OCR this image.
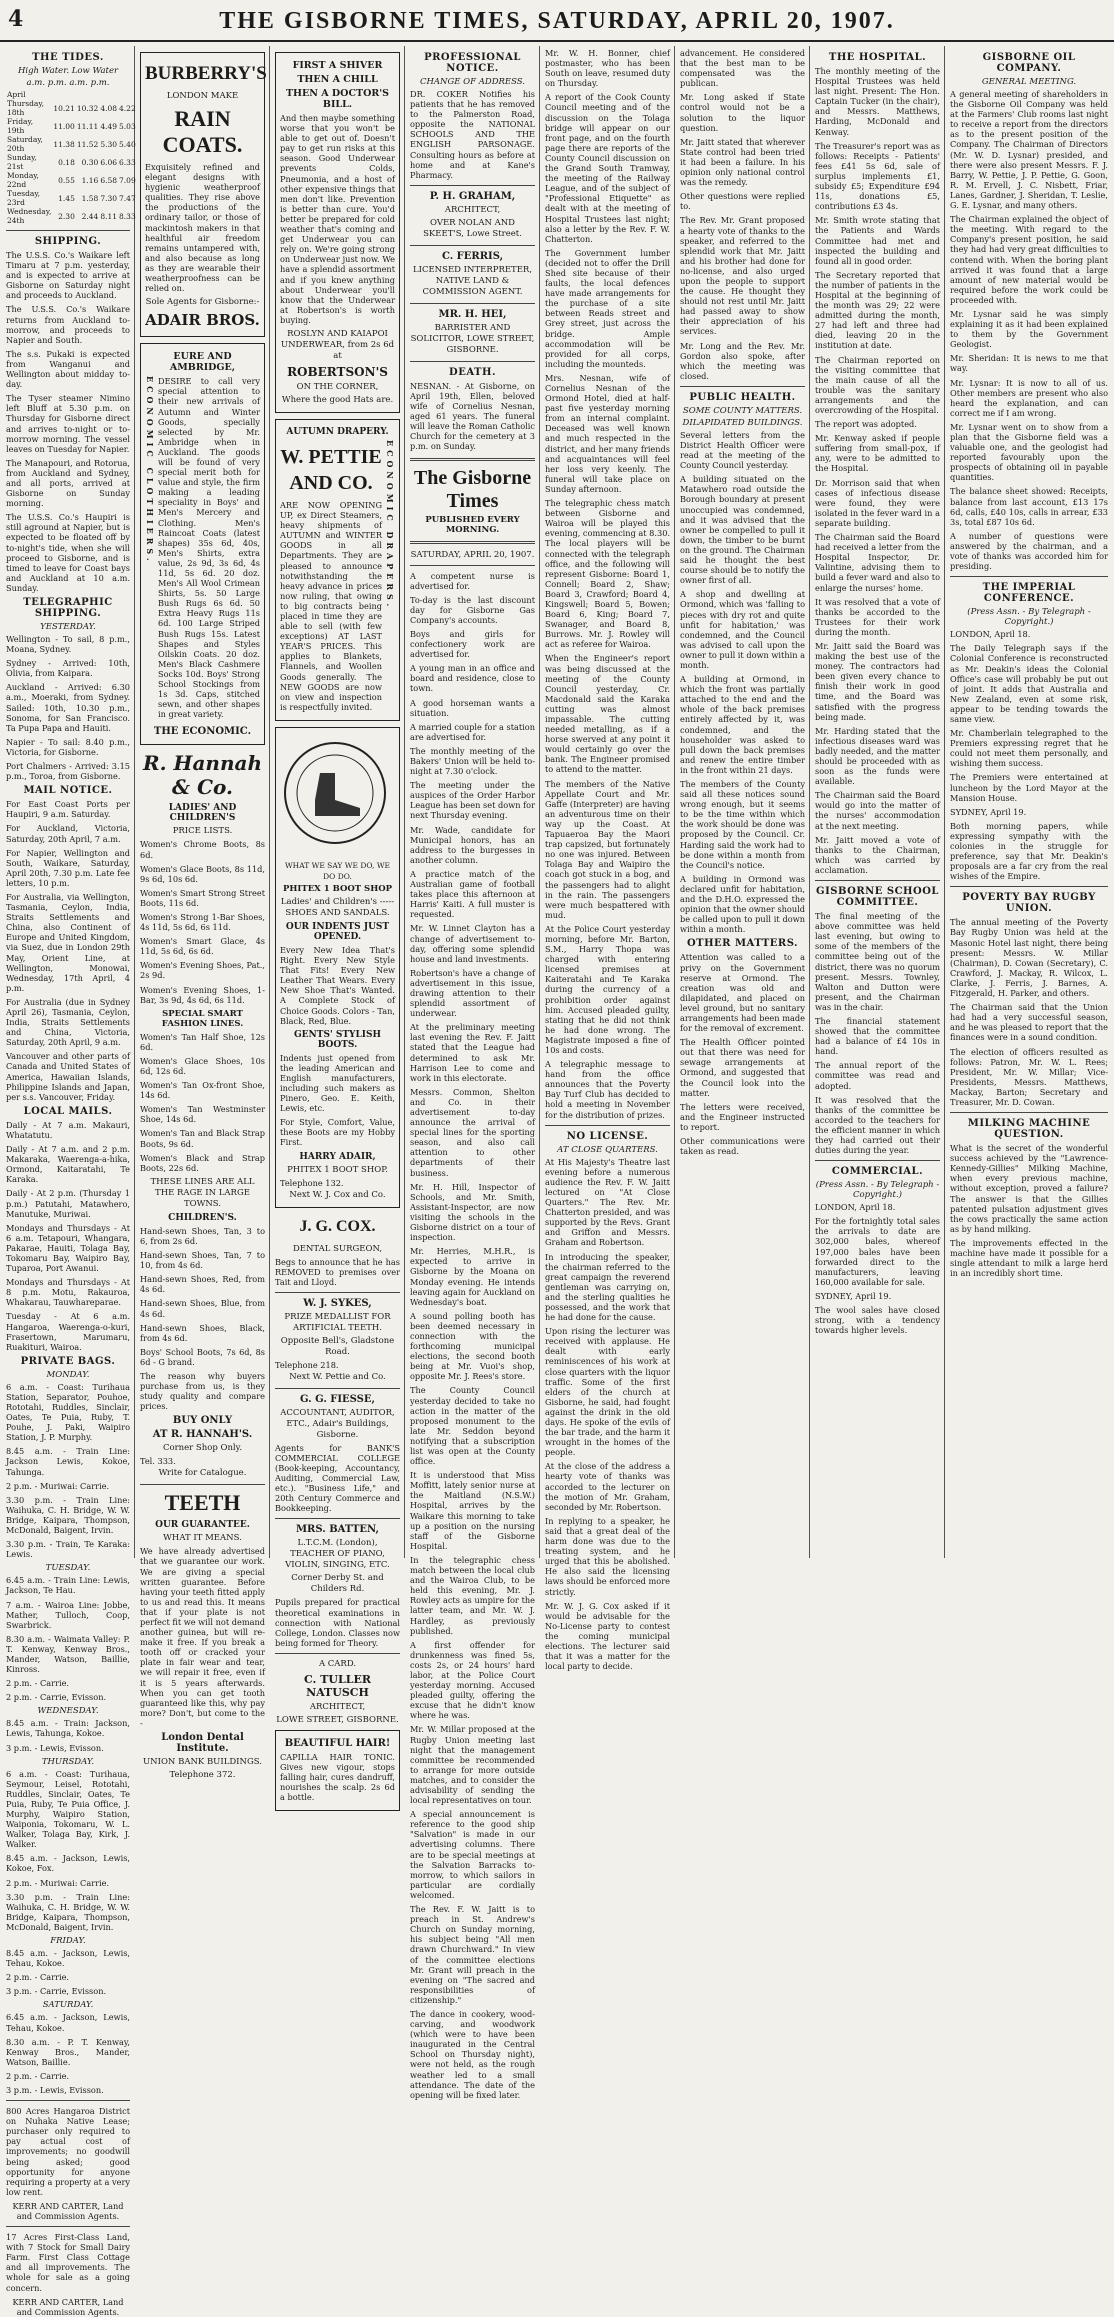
4	THE GISBORNE TIMES, SATURDAY, APRIL 20, 1907.
THE TIDES.
High Water. Low Water
a.m. p.m. a.m. p.m.
April				
Thursday, 18th	10.21	10.32	4.08	4.22
Friday, 19th	11.00	11.11	4.49	5.03
Saturday, 20th	11.38	11.52	5.30	5.40
Sunday, 21st	0.18	0.30	6.06	6.33
Monday, 22nd	0.55	1.16	6.58	7.09
Tuesday, 23rd	1.45	1.58	7.30	7.47
Wednesday, 24th	2.30	2.44	8.11	8.33
SHIPPING.

The U.S.S. Co.'s Waikare left Timaru at 7 p.m. yesterday, and is expected to arrive at Gisborne on Saturday night and proceeds to Auckland.

The U.S.S. Co.'s Waikare returns from Auckland to-morrow, and proceeds to Napier and South.

The s.s. Pukaki is expected from Wanganui and Wellington about midday to-day.

The Tyser steamer Nimino left Bluff at 5.30 p.m. on Thursday for Gisborne direct and arrives to-night or to-morrow morning. The vessel leaves on Tuesday for Napier.

The Manapouri, and Rotorua, from Auckland and Sydney, and all ports, arrived at Gisborne on Sunday morning.

The U.S.S. Co.'s Haupiri is still aground at Napier, but is expected to be floated off by to-night's tide, when she will proceed to Gisborne, and is timed to leave for Coast bays and Auckland at 10 a.m. Sunday.

TELEGRAPHIC SHIPPING.
YESTERDAY.

Wellington - To sail, 8 p.m., Moana, Sydney.

Sydney - Arrived: 10th, Olivia, from Kaipara.

Auckland - Arrived: 6.30 a.m., Moeraki, from Sydney. Sailed: 10th, 10.30 p.m., Sonoma, for San Francisco. Ta Pupa Papa and Hauiti.

Napier - To sail: 8.40 p.m., Victoria, for Gisborne.

Port Chalmers - Arrived: 3.15 p.m., Toroa, from Gisborne.

MAIL NOTICE.

For East Coast Ports per Haupiri, 9 a.m. Saturday.

For Auckland, Victoria, Saturday, 20th April, 7 a.m.

For Napier, Wellington and South, Waikare, Saturday, April 20th, 7.30 p.m. Late fee letters, 10 p.m.

For Australia, via Wellington, Tasmania, Ceylon, India, Straits Settlements and China, also Continent of Europe and United Kingdom, via Suez, due in London 29th May, Orient Line, at Wellington, Monowai, Wednesday, 17th April, 4 p.m.

For Australia (due in Sydney April 26), Tasmania, Ceylon, India, Straits Settlements and China, Victoria, Saturday, 20th April, 9 a.m.

Vancouver and other parts of Canada and United States of America, Hawaiian Islands, Philippine Islands and Japan, per s.s. Vancouver, Friday.

LOCAL MAILS.

Daily - At 7 a.m. Makauri, Whatatutu.

Daily - At 7 a.m. and 2 p.m. Makaraka, Waerenga-a-hika, Ormond, Kaitaratahi, Te Karaka.

Daily - At 2 p.m. (Thursday 1 p.m.) Patutahi, Matawhero, Manutuke, Muriwai.

Mondays and Thursdays - At 6 a.m. Tetapouri, Whangara, Pakarae, Hauiti, Tolaga Bay, Tokomaru Bay, Waipiro Bay, Tuparoa, Port Awanui.

Mondays and Thursdays - At 8 p.m. Motu, Rakauroa, Whakarau, Tauwhareparae.

Tuesday - At 6 a.m. Hangaroa, Waerenga-o-kuri, Frasertown, Marumaru, Ruakituri, Wairoa.

PRIVATE BAGS.
MONDAY.

6 a.m. - Coast: Turihaua Station, Separator, Pouhoe, Rototahi, Ruddles, Sinclair, Oates, Te Puia, Ruby, T. Pouhe, J. Paki, Waipiro Station, J. P. Murphy.

8.45 a.m. - Train Line: Jackson Lewis, Kokoe, Tahunga.

2 p.m. - Muriwai: Carrie.

3.30 p.m. - Train Line: Waihuka, C. H. Bridge, W. W. Bridge, Kaipara, Thompson, McDonald, Baigent, Irvin.

3.30 p.m. - Train, Te Karaka: Lewis.

TUESDAY.

6.45 a.m. - Train Line: Lewis, Jackson, Te Hau.

7 a.m. - Wairoa Line: Jobbe, Mather, Tulloch, Coop, Swarbrick.

8.30 a.m. - Waimata Valley: P. T. Kenway, Kenway Bros., Mander, Watson, Baillie, Kinross.

2 p.m. - Carrie.

2 p.m. - Carrie, Evisson.

WEDNESDAY.

8.45 a.m. - Train: Jackson, Lewis, Tahunga, Kokoe.

3 p.m. - Lewis, Evisson.

THURSDAY.

6 a.m. - Coast: Turihaua, Seymour, Leisel, Rototahi, Ruddles, Sinclair, Oates, Te Puia, Ruby, Te Puia Office, J. Murphy, Waipiro Station, Waiponia, Tokomaru, W. L. Walker, Tolaga Bay, Kirk, J. Walker.

8.45 a.m. - Jackson, Lewis, Kokoe, Fox.

2 p.m. - Muriwai: Carrie.

3.30 p.m. - Train Line: Waihuka, C. H. Bridge, W. W. Bridge, Kaipara, Thompson, McDonald, Baigent, Irvin.

FRIDAY.

8.45 a.m. - Jackson, Lewis, Tehau, Kokoe.

2 p.m. - Carrie.

3 p.m. - Carrie, Evisson.

SATURDAY.

6.45 a.m. - Jackson, Lewis, Tehau, Kokoe.

8.30 a.m. - P. T. Kenway, Kenway Bros., Mander, Watson, Baillie.

2 p.m. - Carrie.

3 p.m. - Lewis, Evisson.

800 Acres Hangaroa District on Nuhaka Native Lease; purchaser only required to pay actual cost of improvements; no goodwill being asked; good opportunity for anyone requiring a property at a very low rent.

KERR AND CARTER, Land and Commission Agents.

17 Acres First-Class Land, with 7 Stock for Small Dairy Farm. First Class Cottage and all improvements. The whole for sale as a going concern.

KERR AND CARTER, Land and Commission Agents.

BURBERRY'S
LONDON MAKE
RAIN COATS.

Exquisitely refined and elegant designs with hygienic weatherproof qualities. They rise above the productions of the ordinary tailor, or those of mackintosh makers in that healthful air freedom remains untampered with, and also because as long as they are wearable their weatherproofness can be relied on.

Sole Agents for Gisborne:-
ADAIR BROS.
EURE AND AMBRIDGE,
ECONOMIC CLOTHIERS. DESIRE to call very special attention to their new arrivals of Autumn and Winter Goods, specially selected by Mr. Ambridge when in Auckland. The goods will be found of very special merit both for value and style, the firm making a leading speciality in Boys' and Men's Mercery and Clothing. Men's Raincoat Coats (latest shapes) 35s 6d, 40s, Men's Shirts, extra value, 2s 9d, 3s 6d, 4s 11d, 5s 6d. 20 doz. Men's All Wool Crimean Shirts, 5s. 50 Large Bush Rugs 6s 6d. 50 Extra Heavy Rugs 11s 6d. 100 Large Striped Bush Rugs 15s. Latest Shapes and Styles Oilskin Coats. 20 doz. Men's Black Cashmere Socks 10d. Boys' Strong School Stockings from 1s 3d. Caps, stitched sewn, and other shapes in great variety.

THE ECONOMIC.
R. Hannah & Co.
LADIES' AND CHILDREN'S
PRICE LISTS.

Women's Chrome Boots, 8s 6d.

Women's Glace Boots, 8s 11d, 9s 6d, 10s 6d.

Women's Smart Strong Street Boots, 11s 6d.

Women's Strong 1-Bar Shoes, 4s 11d, 5s 6d, 6s 11d.

Women's Smart Glace, 4s 11d, 5s 6d, 6s 6d.

Women's Evening Shoes, Pat., 2s 9d.

Women's Evening Shoes, 1-Bar, 3s 9d, 4s 6d, 6s 11d.

SPECIAL SMART FASHION LINES.

Women's Tan Half Shoe, 12s 6d.

Women's Glace Shoes, 10s 6d, 12s 6d.

Women's Tan Ox-front Shoe, 14s 6d.

Women's Tan Westminster Shoe, 14s 6d.

Women's Tan and Black Strap Boots, 9s 6d.

Women's Black and Strap Boots, 22s 6d.

THESE LINES ARE ALL THE RAGE IN LARGE TOWNS.
CHILDREN'S.

Hand-sewn Shoes, Tan, 3 to 6, from 2s 6d.

Hand-sewn Shoes, Tan, 7 to 10, from 4s 6d.

Hand-sewn Shoes, Red, from 4s 6d.

Hand-sewn Shoes, Blue, from 4s 6d.

Hand-sewn Shoes, Black, from 4s 6d.

Boys' School Boots, 7s 6d, 8s 6d - G brand.

The reason why buyers purchase from us, is they study quality and compare prices.

BUY ONLY
AT R. HANNAH'S.
Corner Shop Only.
Tel. 333.
Write for Catalogue.
TEETH
OUR GUARANTEE.
WHAT IT MEANS.

We have already advertised that we guarantee our work. We are giving a special written guarantee. Before having your teeth fitted apply to us and read this. It means that if your plate is not perfect fit we will not demand another guinea, but will re-make it free. If you break a tooth off or cracked your plate in fair wear and tear, we will repair it free, even if it is 5 years afterwards. When you can get tooth guaranteed like this, why pay more? Don't, but come to the -

London Dental Institute.
UNION BANK BUILDINGS.
Telephone 372.
FIRST A SHIVER
THEN A CHILL
THEN A DOCTOR'S BILL.

And then maybe something worse that you won't be able to get out of. Doesn't pay to get run risks at this season. Good Underwear prevents Colds, Pneumonia, and a host of other expensive things that men don't like. Prevention is better than cure. You'd better be prepared for cold weather that's coming and get Underwear you can rely on. We're going strong on Underwear just now. We have a splendid assortment and if you knew anything about Underwear you'll know that the Underwear at Robertson's is worth buying.

ROSLYN AND KAIAPOI UNDERWEAR, from 2s 6d at
ROBERTSON'S
ON THE CORNER,
Where the good Hats are.
AUTUMN DRAPERY.
W. PETTIE AND CO.

ARE NOW OPENING UP, ex Direct Steamers, heavy shipments of AUTUMN and WINTER GOODS in all Departments. They are pleased to announce notwithstanding the heavy advance in prices now ruling, that owing to big contracts being placed in time they are able to sell (with few exceptions) AT LAST YEAR'S PRICES. This applies to Blankets, Flannels, and Woollen Goods generally. The NEW GOODS are now on view and inspection is respectfully invited.

ECONOMIC DRAPERS.
WHAT WE SAY WE DO, WE DO DO.
PHITEX 1 BOOT SHOP
Ladies' and Children's ----- SHOES AND SANDALS.
OUR INDENTS JUST OPENED.

Every New Idea That's Right. Every New Style That Fits! Every New Leather That Wears. Every New Shoe That's Wanted. A Complete Stock of Choice Goods. Colors - Tan, Black, Red, Blue.

GENTS' STYLISH BOOTS.

Indents just opened from the leading American and English manufacturers, including such makers as Pinero, Geo. E. Keith, Lewis, etc.

For Style, Comfort, Value, these Boots are my Hobby First.

HARRY ADAIR,
PHITEX 1 BOOT SHOP.
Telephone 132.
Next W. J. Cox and Co.
J. G. COX.
DENTAL SURGEON,

Begs to announce that he has REMOVED to premises over Tait and Lloyd.

W. J. SYKES,
PRIZE MEDALLIST FOR ARTIFICIAL TEETH.
Opposite Bell's, Gladstone Road.
Telephone 218.
Next W. Pettie and Co.
G. G. FIESSE,
ACCOUNTANT, AUDITOR, ETC., Adair's Buildings, Gisborne.

Agents for BANK'S COMMERCIAL COLLEGE (Book-keeping, Accountancy, Auditing, Commercial Law, etc.). "Business Life," and 20th Century Commerce and Bookkeeping.

MRS. BATTEN,
L.T.C.M. (London), TEACHER OF PIANO, VIOLIN, SINGING, ETC.
Corner Derby St. and Childers Rd.

Pupils prepared for practical theoretical examinations in connection with National College, London. Classes now being formed for Theory.

A CARD.
C. TULLER NATUSCH
ARCHITECT,
LOWE STREET, GISBORNE.
BEAUTIFUL HAIR!

CAPILLA HAIR TONIC. Gives new vigour, stops falling hair, cures dandruff, nourishes the scalp. 2s 6d a bottle.

PROFESSIONAL NOTICE.
CHANGE OF ADDRESS.

DR. COKER Notifies his patients that he has removed to the Palmerston Road, opposite the NATIONAL SCHOOLS AND THE ENGLISH PARSONAGE. Consulting hours as before at home and at Kane's Pharmacy.

P. H. GRAHAM,
ARCHITECT,
OVER NOLAN AND SKEET'S, Lowe Street.
C. FERRIS,
LICENSED INTERPRETER, NATIVE LAND & COMMISSION AGENT.
MR. H. HEI,
BARRISTER AND SOLICITOR, LOWE STREET, GISBORNE.
DEATH.

NESNAN. - At Gisborne, on April 19th, Ellen, beloved wife of Cornelius Nesnan, aged 61 years. The funeral will leave the Roman Catholic Church for the cemetery at 3 p.m. on Sunday.

The Gisborne Times
PUBLISHED EVERY MORNING.
SATURDAY, APRIL 20, 1907.

A competent nurse is advertised for.

To-day is the last discount day for Gisborne Gas Company's accounts.

Boys and girls for confectionery work are advertised for.

A young man in an office and board and residence, close to town.

A good horseman wants a situation.

A married couple for a station are advertised for.

The monthly meeting of the Bakers' Union will be held to-night at 7.30 o'clock.

The meeting under the auspices of the Order Harbor League has been set down for next Thursday evening.

Mr. Wade, candidate for Municipal honors, has an address to the burgesses in another column.

A practice match of the Australian game of football takes place this afternoon at Harris' Kaiti. A full muster is requested.

Mr. W. Linnet Clayton has a change of advertisement to-day, offering some splendid house and land investments.

Robertson's have a change of advertisement in this issue, drawing attention to their splendid assortment of underwear.

At the preliminary meeting last evening the Rev. F. Jaitt stated that the League had determined to ask Mr. Harrison Lee to come and work in this electorate.

Messrs. Common, Shelton and Co. in their advertisement to-day announce the arrival of special lines for the sporting season, and also call attention to other departments of their business.

Mr. H. Hill, Inspector of Schools, and Mr. Smith, Assistant-Inspector, are now visiting the schools in the Gisborne district on a tour of inspection.

Mr. Herries, M.H.R., is expected to arrive in Gisborne by the Moana on Monday evening. He intends leaving again for Auckland on Wednesday's boat.

A sound polling booth has been deemed necessary in connection with the forthcoming municipal elections, the second booth being at Mr. Vuoi's shop, opposite Mr. J. Rees's store.

The County Council yesterday decided to take no action in the matter of the proposed monument to the late Mr. Seddon beyond notifying that a subscription list was open at the County office.

It is understood that Miss Moffitt, lately senior nurse at the Maitland (N.S.W.) Hospital, arrives by the Waikare this morning to take up a position on the nursing staff of the Gisborne Hospital.

In the telegraphic chess match between the local club and the Wairoa Club, to be held this evening, Mr. J. Rowley acts as umpire for the latter team, and Mr. W. J. Hardley, as previously published.

A first offender for drunkenness was fined 5s, costs 2s, or 24 hours' hard labor, at the Police Court yesterday morning. Accused pleaded guilty, offering the excuse that he didn't know where he was.

Mr. W. Millar proposed at the Rugby Union meeting last night that the management committee be recommended to arrange for more outside matches, and to consider the advisability of sending the local representatives on tour.

A special announcement is reference to the good ship "Salvation" is made in our advertising columns. There are to be special meetings at the Salvation Barracks to-morrow, to which sailors in particular are cordially welcomed.

The Rev. F. W. Jaitt is to preach in St. Andrew's Church on Sunday morning, his subject being "All men drawn Churchward." In view of the committee elections Mr. Grant will preach in the evening on "The sacred and responsibilities of citizenship."

The dance in cookery, wood-carving, and woodwork (which were to have been inaugurated in the Central School on Thursday night), were not held, as the rough weather led to a small attendance. The date of the opening will be fixed later.

Mr. W. H. Bonner, chief postmaster, who has been South on leave, resumed duty on Thursday.

A report of the Cook County Council meeting and of the discussion on the Tolaga bridge will appear on our front page, and on the fourth page there are reports of the County Council discussion on the Grand South Tramway, the meeting of the Railway League, and of the subject of "Professional Etiquette" as dealt with at the meeting of Hospital Trustees last night; also a letter by the Rev. F. W. Chatterton.

The Government lumber (decided not to offer the Drill Shed site because of their faults, the local defences have made arrangements for the purchase of a site between Reads street and Grey street, just across the bridge. Ample accommodation will be provided for all corps, including the mounteds.

Mrs. Nesnan, wife of Cornelius Nesnan of the Ormond Hotel, died at half-past five yesterday morning from an internal complaint. Deceased was well known and much respected in the district, and her many friends and acquaintances will feel her loss very keenly. The funeral will take place on Sunday afternoon.

The telegraphic chess match between Gisborne and Wairoa will be played this evening, commencing at 8.30. The local players will be connected with the telegraph office, and the following will represent Gisborne: Board 1, Connell; Board 2, Shaw; Board 3, Crawford; Board 4, Kingswell; Board 5, Bowen; Board 6, King; Board 7, Swanager, and Board 8, Burrows. Mr. J. Rowley will act as referee for Wairoa.

When the Engineer's report was being discussed at the meeting of the County Council yesterday, Cr. Macdonald said the Karaka cutting was almost impassable. The cutting needed metalling, as if a horse swerved at any point it would certainly go over the bank. The Engineer promised to attend to the matter.

The members of the Native Appellate Court and Mr. Gaffe (Interpreter) are having an adventurous time on their way up the Coast. At Tapuaeroa Bay the Maori trap capsized, but fortunately no one was injured. Between Tolaga Bay and Waipiro the coach got stuck in a bog, and the passengers had to alight in the rain. The passengers were much bespattered with mud.

At the Police Court yesterday morning, before Mr. Barton, S.M., Harry Thopa was charged with entering licensed premises at Kaiteratahi and Te Karaka during the currency of a prohibition order against him. Accused pleaded guilty, stating that he did not think he had done wrong. The Magistrate imposed a fine of 10s and costs.

A telegraphic message to hand from the office announces that the Poverty Bay Turf Club has decided to hold a meeting in November for the distribution of prizes.

NO LICENSE.
AT CLOSE QUARTERS.

At His Majesty's Theatre last evening before a numerous audience the Rev. F. W. Jaitt lectured on "At Close Quarters." The Rev. Mr. Chatterton presided, and was supported by the Revs. Grant and Griffon and Messrs. Graham and Robertson.

In introducing the speaker, the chairman referred to the great campaign the reverend gentleman was carrying on, and the sterling qualities he possessed, and the work that he had done for the cause.

Upon rising the lecturer was received with applause. He dealt with early reminiscences of his work at close quarters with the liquor traffic. Some of the first elders of the church at Gisborne, he said, had fought against the drink in the old days. He spoke of the evils of the bar trade, and the harm it wrought in the homes of the people.

At the close of the address a hearty vote of thanks was accorded to the lecturer on the motion of Mr. Graham, seconded by Mr. Robertson.

In replying to a speaker, he said that a great deal of the harm done was due to the treating system, and he urged that this be abolished. He also said the licensing laws should be enforced more strictly.

Mr. W. J. G. Cox asked if it would be advisable for the No-License party to contest the coming municipal elections. The lecturer said that it was a matter for the local party to decide.

advancement. He considered that the best man to be compensated was the publican.

Mr. Long asked if State control would not be a solution to the liquor question.

Mr. Jaitt stated that wherever State control had been tried it had been a failure. In his opinion only national control was the remedy.

Other questions were replied to.

The Rev. Mr. Grant proposed a hearty vote of thanks to the speaker, and referred to the splendid work that Mr. Jaitt and his brother had done for no-license, and also urged upon the people to support the cause. He thought they should not rest until Mr. Jaitt had passed away to show their appreciation of his services.

Mr. Long and the Rev. Mr. Gordon also spoke, after which the meeting was closed.

PUBLIC HEALTH.
SOME COUNTY MATTERS.
DILAPIDATED BUILDINGS.

Several letters from the District Health Officer were read at the meeting of the County Council yesterday.

A building situated on the Matawhero road outside the Borough boundary at present unoccupied was condemned, and it was advised that the owner be compelled to pull it down, the timber to be burnt on the ground. The Chairman said he thought the best course should be to notify the owner first of all.

A shop and dwelling at Ormond, which was 'falling to pieces with dry rot and quite unfit for habitation,' was condemned, and the Council was advised to call upon the owner to pull it down within a month.

A building at Ormond, in which the front was partially attached to the end and the whole of the back premises entirely affected by it, was condemned, and the householder was asked to pull down the back premises and renew the entire timber in the front within 21 days.

The members of the County said all these notices sound wrong enough, but it seems to be the time within which the work should be done was proposed by the Council. Cr. Harding said the work had to be done within a month from the Council's notice.

A building in Ormond was declared unfit for habitation, and the D.H.O. expressed the opinion that the owner should be called upon to pull it down within a month.

OTHER MATTERS.

Attention was called to a privy on the Government reserve at Ormond. The creation was old and dilapidated, and placed on level ground, but no sanitary arrangements had been made for the removal of excrement.

The Health Officer pointed out that there was need for sewage arrangements at Ormond, and suggested that the Council look into the matter.

The letters were received, and the Engineer instructed to report.

Other communications were taken as read.

THE HOSPITAL.

The monthly meeting of the Hospital Trustees was held last night. Present: The Hon. Captain Tucker (in the chair), and Messrs. Matthews, Harding, McDonald and Kenway.

The Treasurer's report was as follows: Receipts - Patients' fees £41 5s 6d, sale of surplus implements £1, subsidy £5; Expenditure £94 11s, donations £5, contributions £3 4s.

Mr. Smith wrote stating that the Patients and Wards Committee had met and inspected the building and found all in good order.

The Secretary reported that the number of patients in the Hospital at the beginning of the month was 29; 22 were admitted during the month, 27 had left and three had died, leaving 20 in the institution at date.

The Chairman reported on the visiting committee that the main cause of all the trouble was the sanitary arrangements and the overcrowding of the Hospital.

The report was adopted.

Mr. Kenway asked if people suffering from small-pox, if any, were to be admitted to the Hospital.

Dr. Morrison said that when cases of infectious disease were found, they were isolated in the fever ward in a separate building.

The Chairman said the Board had received a letter from the Hospital Inspector, Dr. Valintine, advising them to build a fever ward and also to enlarge the nurses' home.

It was resolved that a vote of thanks be accorded to the Trustees for their work during the month.

Mr. Jaitt said the Board was making the best use of the money. The contractors had been given every chance to finish their work in good time, and the Board was satisfied with the progress being made.

Mr. Harding stated that the infectious diseases ward was badly needed, and the matter should be proceeded with as soon as the funds were available.

The Chairman said the Board would go into the matter of the nurses' accommodation at the next meeting.

Mr. Jaitt moved a vote of thanks to the Chairman, which was carried by acclamation.

GISBORNE SCHOOL COMMITTEE.

The final meeting of the above committee was held last evening, but owing to some of the members of the committee being out of the district, there was no quorum present. Messrs. Townley, Walton and Dutton were present, and the Chairman was in the chair.

The financial statement showed that the committee had a balance of £4 10s in hand.

The annual report of the committee was read and adopted.

It was resolved that the thanks of the committee be accorded to the teachers for the efficient manner in which they had carried out their duties during the year.

COMMERCIAL.
(Press Assn. - By Telegraph - Copyright.)

LONDON, April 18.

For the fortnightly total sales the arrivals to date are 302,000 bales, whereof 197,000 bales have been forwarded direct to the manufacturers, leaving 160,000 available for sale.

SYDNEY, April 19.

The wool sales have closed strong, with a tendency towards higher levels.

GISBORNE OIL COMPANY.
GENERAL MEETING.

A general meeting of shareholders in the Gisborne Oil Company was held at the Farmers' Club rooms last night to receive a report from the directors as to the present position of the Company. The Chairman of Directors (Mr. W. D. Lysnar) presided, and there were also present Messrs. F. J. Barry, W. Pettie, J. P. Pettie, G. Goon, R. M. Ervell, J. C. Nisbett, Friar, Lanes, Gardner, J. Sheridan, T. Leslie, G. E. Lysnar, and many others.

The Chairman explained the object of the meeting. With regard to the Company's present position, he said they had had very great difficulties to contend with. When the boring plant arrived it was found that a large amount of new material would be required before the work could be proceeded with.

Mr. Lysnar said he was simply explaining it as it had been explained to them by the Government Geologist.

Mr. Sheridan: It is news to me that way.

Mr. Lysnar: It is now to all of us. Other members are present who also heard the explanation, and can correct me if I am wrong.

Mr. Lysnar went on to show from a plan that the Gisborne field was a valuable one, and the geologist had reported favourably upon the prospects of obtaining oil in payable quantities.

The balance sheet showed: Receipts, balance from last account, £13 17s 6d, calls, £40 10s, calls in arrear, £33 3s, total £87 10s 6d.

A number of questions were answered by the chairman, and a vote of thanks was accorded him for presiding.

THE IMPERIAL CONFERENCE.
(Press Assn. - By Telegraph - Copyright.)

LONDON, April 18.

The Daily Telegraph says if the Colonial Conference is reconstructed as Mr. Deakin's ideas the Colonial Office's case will probably be put out of joint. It adds that Australia and New Zealand, even at some risk, appear to be tending towards the same view.

Mr. Chamberlain telegraphed to the Premiers expressing regret that he could not meet them personally, and wishing them success.

The Premiers were entertained at luncheon by the Lord Mayor at the Mansion House.

SYDNEY, April 19.

Both morning papers, while expressing sympathy with the colonies in the struggle for preference, say that Mr. Deakin's proposals are a far cry from the real wishes of the Empire.

POVERTY BAY RUGBY UNION.

The annual meeting of the Poverty Bay Rugby Union was held at the Masonic Hotel last night, there being present: Messrs. W. Millar (Chairman), D. Cowan (Secretary), C. Crawford, J. Mackay, R. Wilcox, L. Clarke, J. Ferris, J. Barnes, A. Fitzgerald, H. Parker, and others.

The Chairman said that the Union had had a very successful season, and he was pleased to report that the finances were in a sound condition.

The election of officers resulted as follows: Patron, Mr. W. L. Rees; President, Mr. W. Millar; Vice-Presidents, Messrs. Matthews, Mackay, Barton; Secretary and Treasurer, Mr. D. Cowan.

MILKING MACHINE QUESTION.

What is the secret of the wonderful success achieved by the "Lawrence-Kennedy-Gillies" Milking Machine, when every previous machine, without exception, proved a failure? The answer is that the Gillies patented pulsation adjustment gives the cows practically the same action as by hand milking.

The improvements effected in the machine have made it possible for a single attendant to milk a large herd in an incredibly short time.
